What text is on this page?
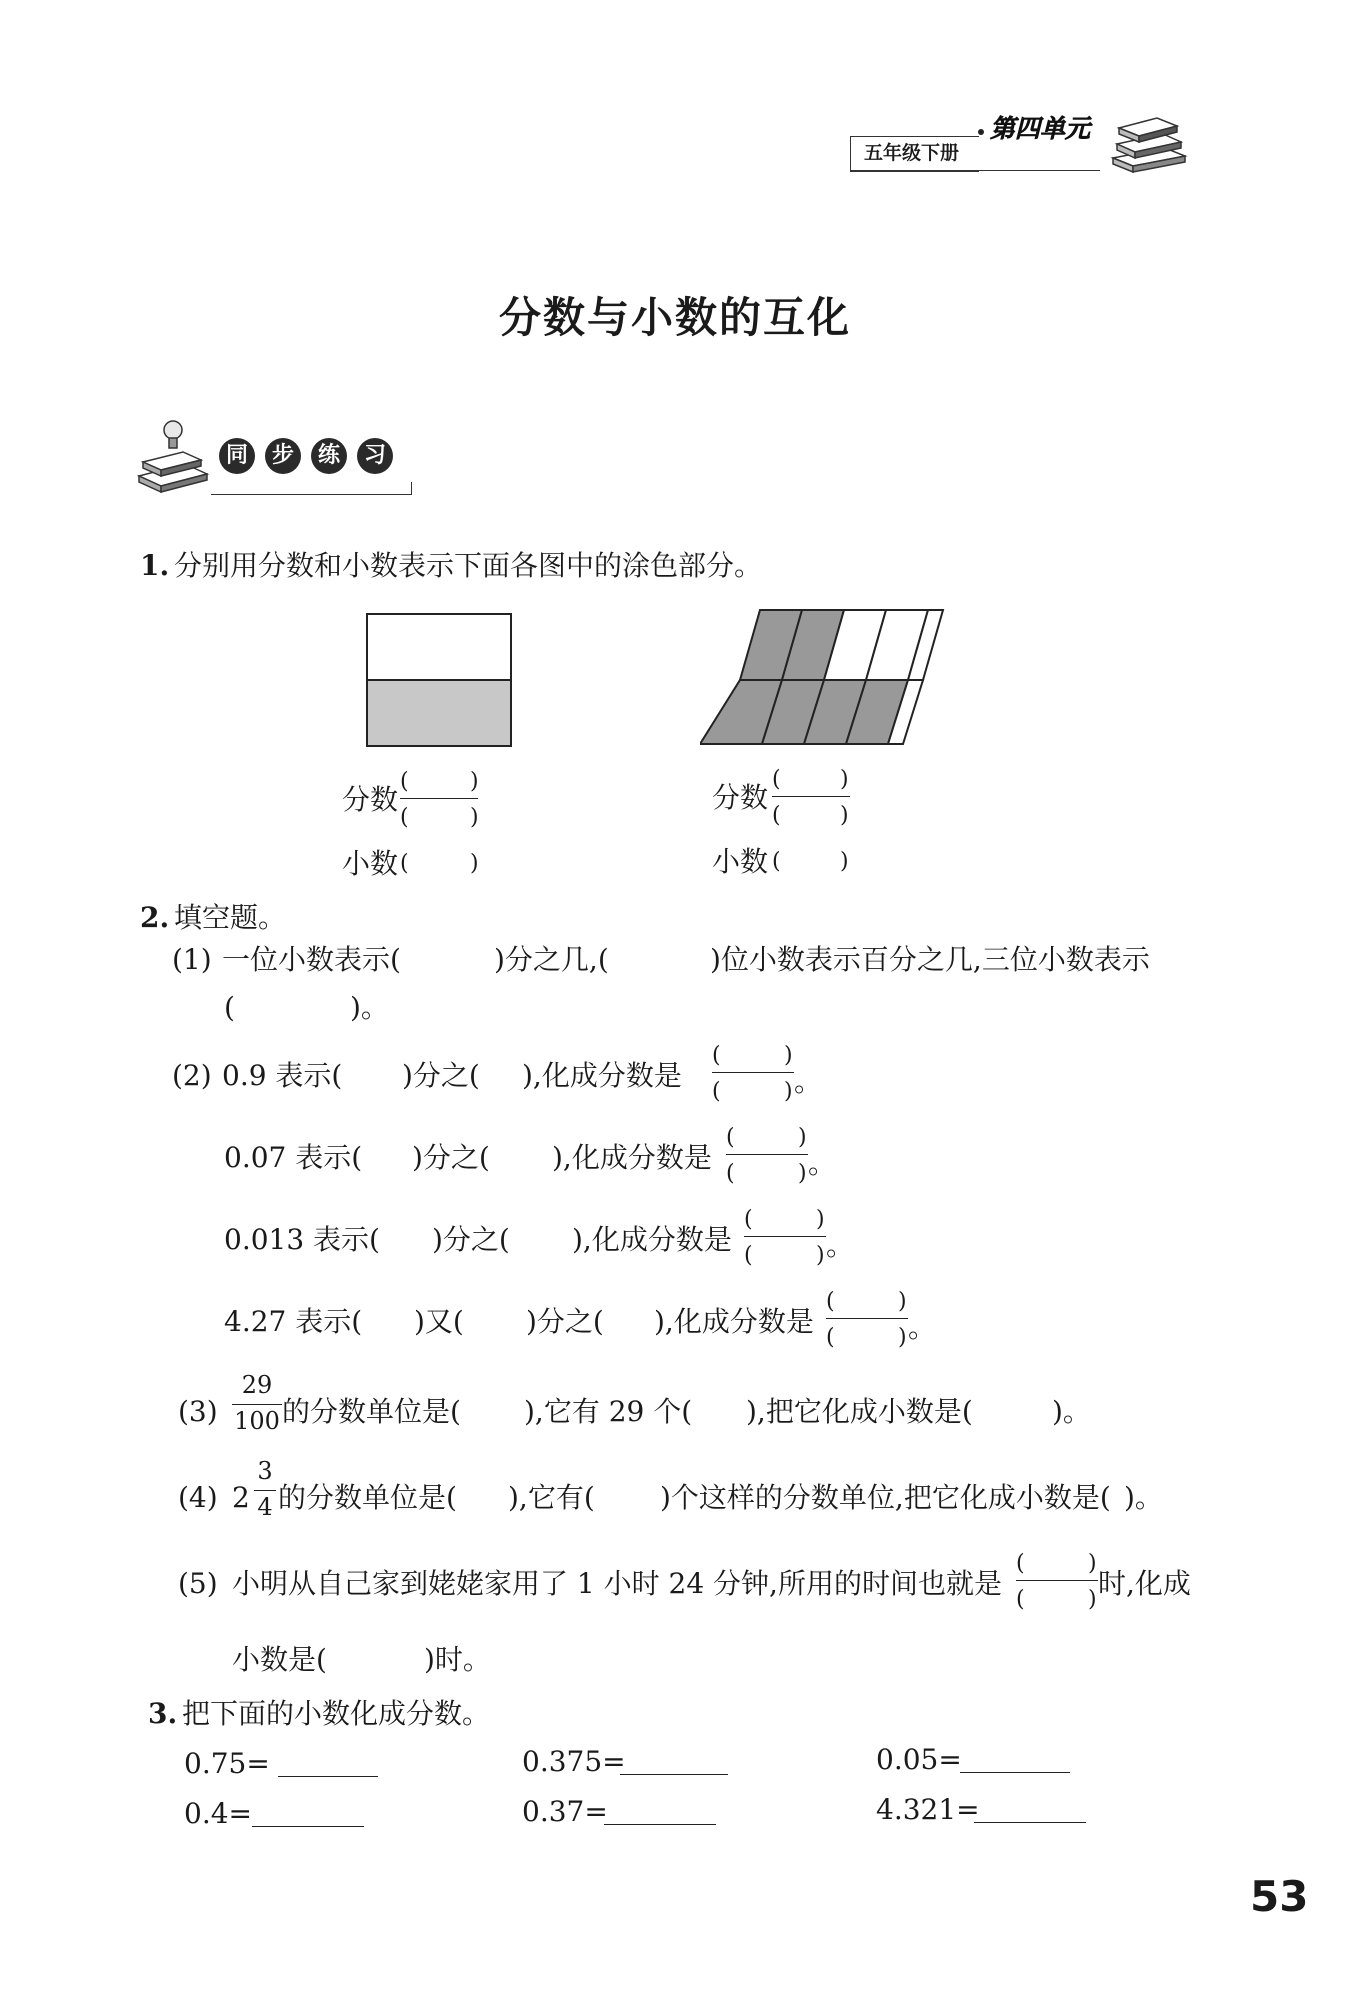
五年级下册
第四单元
分数与小数的互化
同	步	练	习
1. 分别用分数和小数表示下面各图中的涂色部分。
分数
(	)
(	)
小数 (	)
分数
(	)
(	)
小数 (	)
2. 填空题。
(1) 一位小数表示(	)分之几,(	)位小数表示百分之几,三位小数表示
(	)。
(2) 0.9 表示( )分之( ),化成分数是
(	)
(	) 。
0.07 表示( )分之( ),化成分数是
(	)
(	) 。
0.013 表示( )分之( ),化成分数是
(	)
(	) 。
4.27 表示( )又( )分之( ),化成分数是
(	)
(	) 。
(3)
29
100 的分数单位是( ),它有 29 个( ),把它化成小数是(	)。
(4) 2
3
4 的分数单位是( ),它有( )个这样的分数单位,把它化成小数是( )。
(5) 小明从自己家到姥姥家用了 1 小时 24 分钟,所用的时间也就是
(	)
(	) 时,化成
小数是(	)时。
3. 把下面的小数化成分数。
0.75=	0.375=	0.05=
0.4=	0.37=	4.321=
53
